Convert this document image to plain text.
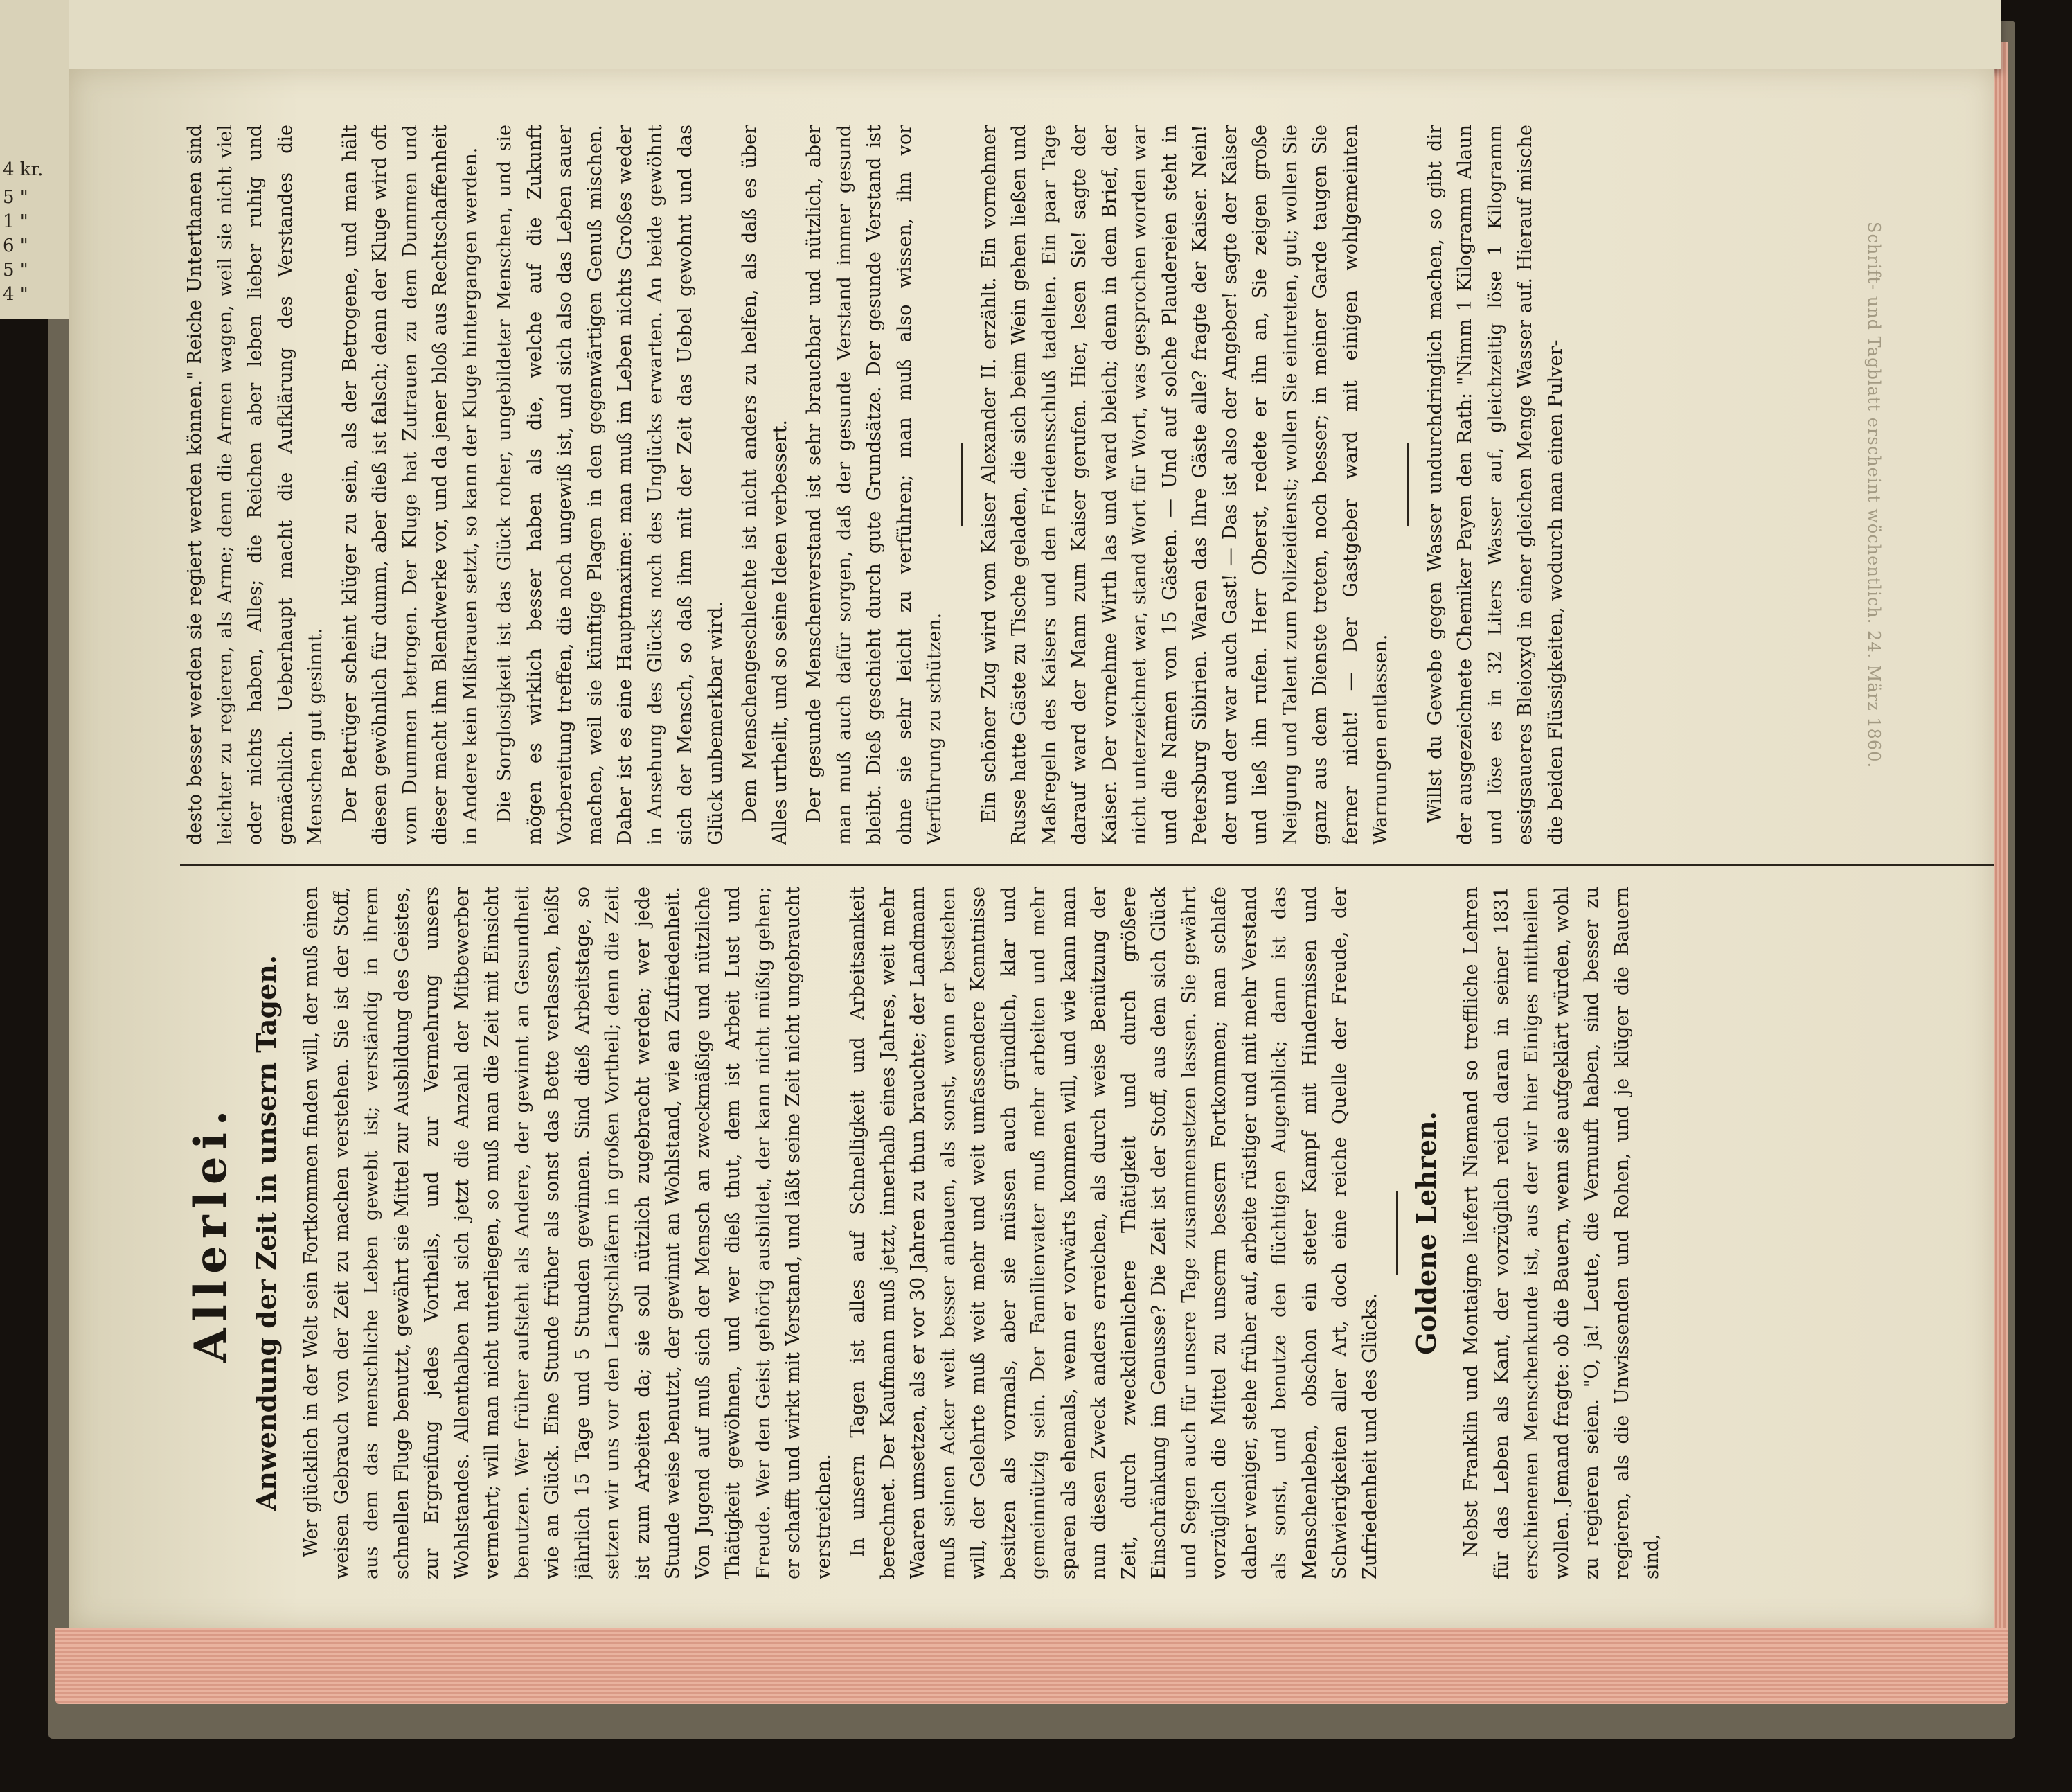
4 kr.
5 "
1 "
6 "
5 "
4 "
Allerlei. Anwendung der Zeit in unsern Tagen. Wer glücklich in der Welt sein Fortkommen finden will, der muß einen weisen Gebrauch von der Zeit zu machen verstehen. Sie ist der Stoff, aus dem das menschliche Leben gewebt ist; verständig in ihrem schnellen Fluge benutzt, gewährt sie Mittel zur Ausbildung des Geistes, zur Ergreifung jedes Vortheils, und zur Vermehrung unsers Wohlstandes. Allenthalben hat sich jetzt die Anzahl der Mitbewerber vermehrt; will man nicht unterliegen, so muß man die Zeit mit Einsicht benutzen. Wer früher aufsteht als Andere, der gewinnt an Gesundheit wie an Glück. Eine Stunde früher als sonst das Bette verlassen, heißt jährlich 15 Tage und 5 Stunden gewinnen. Sind dieß Arbeitstage, so setzen wir uns vor den Langschläfern in großen Vortheil; denn die Zeit ist zum Arbeiten da; sie soll nützlich zugebracht werden; wer jede Stunde weise benutzt, der gewinnt an Wohlstand, wie an Zufriedenheit. Von Jugend auf muß sich der Mensch an zweckmäßige und nützliche Thätigkeit gewöhnen, und wer dieß thut, dem ist Arbeit Lust und Freude. Wer den Geist gehörig ausbildet, der kann nicht müßig gehen; er schafft und wirkt mit Verstand, und läßt seine Zeit nicht ungebraucht verstreichen. In unsern Tagen ist alles auf Schnelligkeit und Arbeitsamkeit berechnet. Der Kaufmann muß jetzt, innerhalb eines Jahres, weit mehr Waaren umsetzen, als er vor 30 Jahren zu thun brauchte; der Landmann muß seinen Acker weit besser anbauen, als sonst, wenn er bestehen will, der Gelehrte muß weit mehr und weit umfassendere Kenntnisse besitzen als vormals, aber sie müssen auch gründlich, klar und gemeinnützig sein. Der Familienvater muß mehr arbeiten und mehr sparen als ehemals, wenn er vorwärts kommen will, und wie kann man nun diesen Zweck anders erreichen, als durch weise Benützung der Zeit, durch zweckdienlichere Thätigkeit und durch größere Einschränkung im Genusse? Die Zeit ist der Stoff, aus dem sich Glück und Segen auch für unsere Tage zusammensetzen lassen. Sie gewährt vorzüglich die Mittel zu unserm bessern Fortkommen; man schlafe daher weniger, stehe früher auf, arbeite rüstiger und mit mehr Verstand als sonst, und benutze den flüchtigen Augenblick; dann ist das Menschenleben, obschon ein steter Kampf mit Hindernissen und Schwierigkeiten aller Art, doch eine reiche Quelle der Freude, der Zufriedenheit und des Glücks.

Goldene Lehren. Nebst Franklin und Montaigne liefert Niemand so treffliche Lehren für das Leben als Kant, der vorzüglich reich daran in seiner 1831 erschienenen Menschenkunde ist, aus der wir hier Einiges mittheilen wollen. Jemand fragte: ob die Bauern, wenn sie aufgeklärt würden, wohl zu regieren seien. "O, ja! Leute, die Vernunft haben, sind besser zu regieren, als die Unwissenden und Rohen, und je klüger die Bauern sind,

desto besser werden sie regiert werden können." Reiche Unterthanen sind leichter zu regieren, als Arme; denn die Armen wagen, weil sie nicht viel oder nichts haben, Alles; die Reichen aber leben lieber ruhig und gemächlich. Ueberhaupt macht die Aufklärung des Verstandes die Menschen gut gesinnt. Der Betrüger scheint klüger zu sein, als der Betrogene, und man hält diesen gewöhnlich für dumm, aber dieß ist falsch; denn der Kluge wird oft vom Dummen betrogen. Der Kluge hat Zutrauen zu dem Dummen und dieser macht ihm Blendwerke vor, und da jener bloß aus Rechtschaffenheit in Andere kein Mißtrauen setzt, so kann der Kluge hintergangen werden. Die Sorglosigkeit ist das Glück roher, ungebildeter Menschen, und sie mögen es wirklich besser haben als die, welche auf die Zukunft Vorbereitung treffen, die noch ungewiß ist, und sich also das Leben sauer machen, weil sie künftige Plagen in den gegenwärtigen Genuß mischen. Daher ist es eine Hauptmaxime: man muß im Leben nichts Großes weder in Ansehung des Glücks noch des Unglücks erwarten. An beide gewöhnt sich der Mensch, so daß ihm mit der Zeit das Uebel gewohnt und das Glück unbemerkbar wird. Dem Menschengeschlechte ist nicht anders zu helfen, als daß es über Alles urtheilt, und so seine Ideen verbessert. Der gesunde Menschenverstand ist sehr brauchbar und nützlich, aber man muß auch dafür sorgen, daß der gesunde Verstand immer gesund bleibt. Dieß geschieht durch gute Grundsätze. Der gesunde Verstand ist ohne sie sehr leicht zu verführen; man muß also wissen, ihn vor Verführung zu schützen. Ein schöner Zug wird vom Kaiser Alexander II. erzählt. Ein vornehmer Russe hatte Gäste zu Tische geladen, die sich beim Wein gehen ließen und Maßregeln des Kaisers und den Friedensschluß tadelten. Ein paar Tage darauf ward der Mann zum Kaiser gerufen. Hier, lesen Sie! sagte der Kaiser. Der vornehme Wirth las und ward bleich; denn in dem Brief, der nicht unterzeichnet war, stand Wort für Wort, was gesprochen worden war und die Namen von 15 Gästen. — Und auf solche Plaudereien steht in Petersburg Sibirien. Waren das Ihre Gäste alle? fragte der Kaiser. Nein! der und der war auch Gast! — Das ist also der Angeber! sagte der Kaiser und ließ ihn rufen. Herr Oberst, redete er ihn an, Sie zeigen große Neigung und Talent zum Polizeidienst; wollen Sie eintreten, gut; wollen Sie ganz aus dem Dienste treten, noch besser; in meiner Garde taugen Sie ferner nicht! — Der Gastgeber ward mit einigen wohlgemeinten Warnungen entlassen. Willst du Gewebe gegen Wasser undurchdringlich machen, so gibt dir der ausgezeichnete Chemiker Payen den Rath: "Nimm 1 Kilogramm Alaun und löse es in 32 Liters Wasser auf, gleichzeitig löse 1 Kilogramm essigsaueres Bleioxyd in einer gleichen Menge Wasser auf. Hierauf mische die beiden Flüssigkeiten, wodurch man einen Pulver-	Schrift- und Tagblatt erscheint wöchentlich. 24. März 1860.
